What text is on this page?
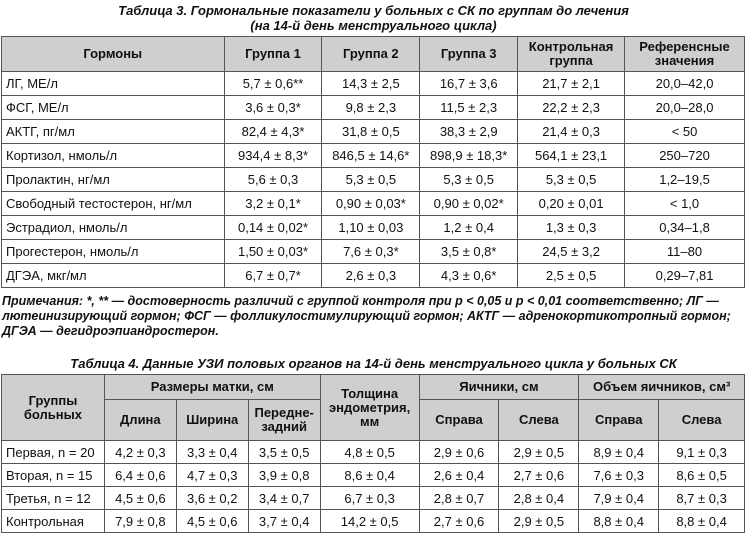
Таблица 3. Гормональные показатели у больных с СК по группам до лечения

(на 14-й день менструального цикла)

Гормоны	Группа 1	Группа 2	Группа 3	Контрольная группа	Референсные значения
ЛГ, МЕ/л	5,7 ± 0,6**	14,3 ± 2,5	16,7 ± 3,6	21,7 ± 2,1	20,0–42,0
ФСГ, МЕ/л	3,6 ± 0,3*	9,8 ± 2,3	11,5 ± 2,3	22,2 ± 2,3	20,0–28,0
АКТГ, пг/мл	82,4 ± 4,3*	31,8 ± 0,5	38,3 ± 2,9	21,4 ± 0,3	< 50
Кортизол, нмоль/л	934,4 ± 8,3*	846,5 ± 14,6*	898,9 ± 18,3*	564,1 ± 23,1	250–720
Пролактин, нг/мл	5,6 ± 0,3	5,3 ± 0,5	5,3 ± 0,5	5,3 ± 0,5	1,2–19,5
Свободный тестостерон, нг/мл	3,2 ± 0,1*	0,90 ± 0,03*	0,90 ± 0,02*	0,20 ± 0,01	< 1,0
Эстрадиол, нмоль/л	0,14 ± 0,02*	1,10 ± 0,03	1,2 ± 0,4	1,3 ± 0,3	0,34–1,8
Прогестерон, нмоль/л	1,50 ± 0,03*	7,6 ± 0,3*	3,5 ± 0,8*	24,5 ± 3,2	11–80
ДГЭА, мкг/мл	6,7 ± 0,7*	2,6 ± 0,3	4,3 ± 0,6*	2,5 ± 0,5	0,29–7,81

Примечания: *, ** — достоверность различий с группой контроля при p < 0,05 и p < 0,01 соответственно; ЛГ — лютеинизирующий гормон; ФСГ — фолликулостимулирующий гормон; АКТГ — адренокортикотропный гормон; ДГЭА — дегидроэпиандростерон.

Таблица 4. Данные УЗИ половых органов на 14-й день менструального цикла у больных СК

Группы больных	Размеры матки, см			Толщина эндометрия, мм	Яичники, см		Объем яичников, см³	
	Длина	Ширина	Передне-задний		Справа	Слева	Справа	Слева
Первая, n = 20	4,2 ± 0,3	3,3 ± 0,4	3,5 ± 0,5	4,8 ± 0,5	2,9 ± 0,6	2,9 ± 0,5	8,9 ± 0,4	9,1 ± 0,3
Вторая, n = 15	6,4 ± 0,6	4,7 ± 0,3	3,9 ± 0,8	8,6 ± 0,4	2,6 ± 0,4	2,7 ± 0,6	7,6 ± 0,3	8,6 ± 0,5
Третья, n = 12	4,5 ± 0,6	3,6 ± 0,2	3,4 ± 0,7	6,7 ± 0,3	2,8 ± 0,7	2,8 ± 0,4	7,9 ± 0,4	8,7 ± 0,3
Контрольная	7,9 ± 0,8	4,5 ± 0,6	3,7 ± 0,4	14,2 ± 0,5	2,7 ± 0,6	2,9 ± 0,5	8,8 ± 0,4	8,8 ± 0,4
